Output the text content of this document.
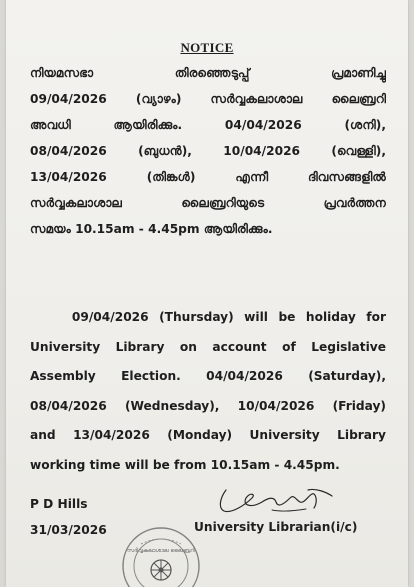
NOTICE
നിയമസഭാ തിരഞ്ഞെടുപ്പ് പ്രമാണിച്ചു
09/04/2026 (വ്യാഴം) സർവ്വകലാശാല ലൈബ്രറി
അവധി ആയിരിക്കും. 04/04/2026 (ശനി),
08/04/2026 (ബുധൻ), 10/04/2026 (വെള്ളി),
13/04/2026 (തിങ്കൾ) എന്നീ ദിവസങ്ങളിൽ
സർവ്വകലാശാല ലൈബ്രറിയുടെ പ്രവർത്തന
സമയം 10.15am - 4.45pm ആയിരിക്കും.
09/04/2026 (Thursday) will be holiday for
University Library on account of Legislative
Assembly Election. 04/04/2026 (Saturday),
08/04/2026 (Wednesday), 10/04/2026 (Friday)
and 13/04/2026 (Monday) University Library
working time will be from 10.15am - 4.45pm.
P D Hills
31/03/2026	University Librarian(i/c)
സർവ്വകലാശാല ലൈബ്രറി
